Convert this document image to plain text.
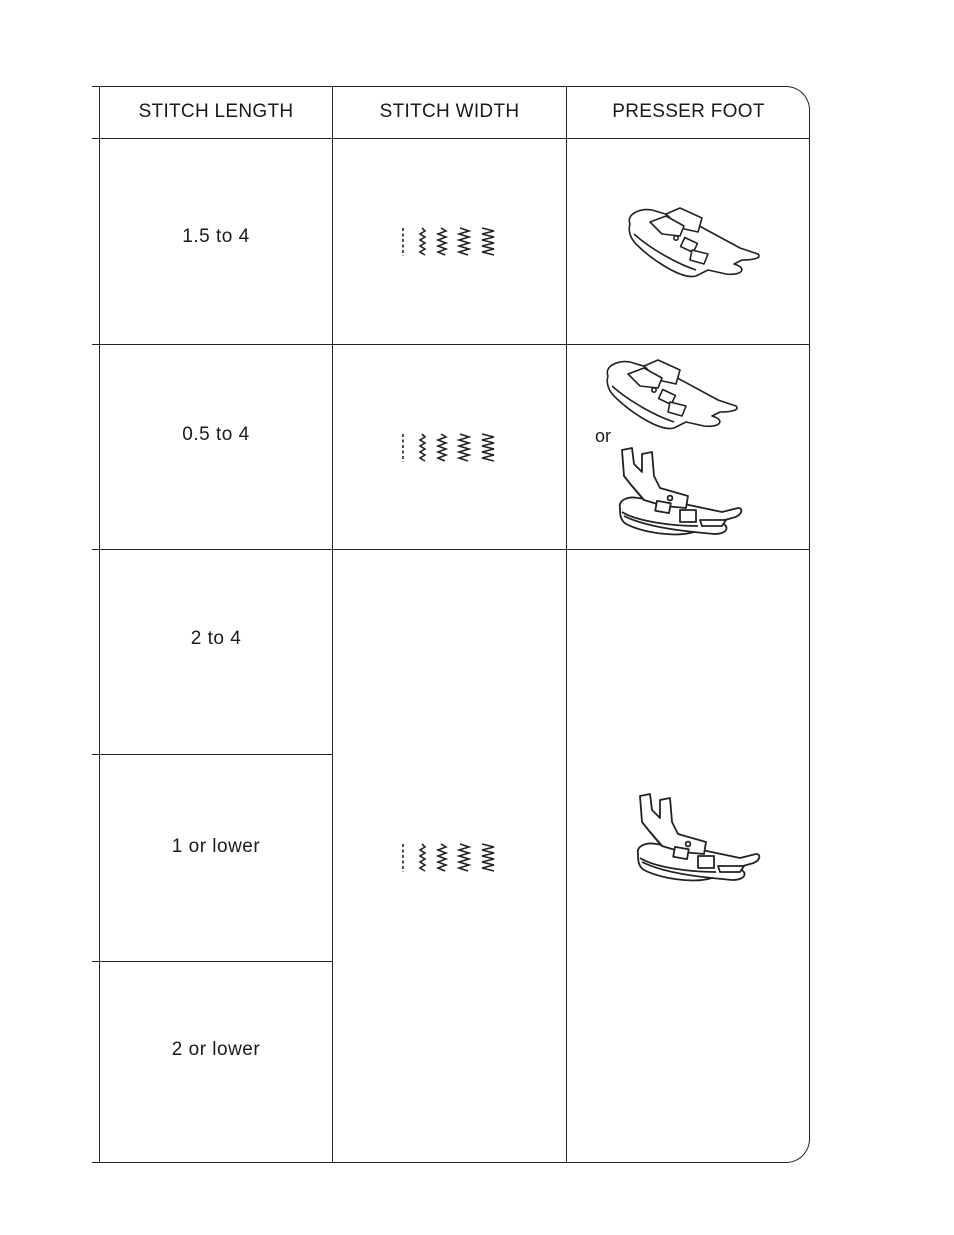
STITCH LENGTH	STITCH WIDTH	PRESSER FOOT
1.5 to 4
0.5 to 4
2 to 4
1 or lower
2 or lower
or
